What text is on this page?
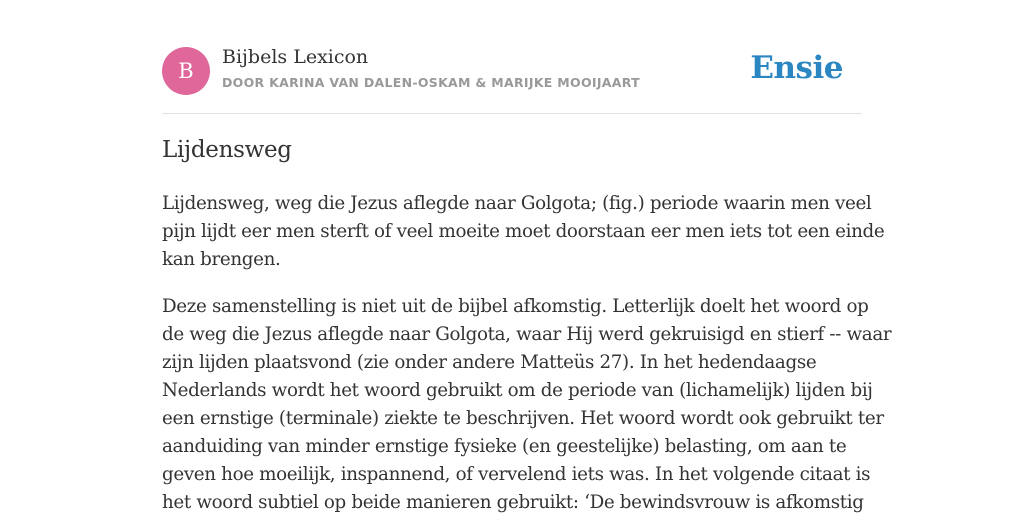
B
Bijbels Lexicon
DOOR KARINA VAN DALEN-OSKAM & MARIJKE MOOIJAART	Ensie
Lijdensweg

Lijdensweg, weg die Jezus aflegde naar Golgota; (fig.) periode waarin men veel
pijn lijdt eer men sterft of veel moeite moet doorstaan eer men iets tot een einde
kan brengen.

Deze samenstelling is niet uit de bijbel afkomstig. Letterlijk doelt het woord op
de weg die Jezus aflegde naar Golgota, waar Hij werd gekruisigd en stierf -- waar
zijn lijden plaatsvond (zie onder andere Matteüs 27). In het hedendaagse
Nederlands wordt het woord gebruikt om de periode van (lichamelijk) lijden bij
een ernstige (terminale) ziekte te beschrijven. Het woord wordt ook gebruikt ter
aanduiding van minder ernstige fysieke (en geestelijke) belasting, om aan te
geven hoe moeilijk, inspannend, of vervelend iets was. In het volgende citaat is
het woord subtiel op beide manieren gebruikt: ‘De bewindsvrouw is afkomstig
